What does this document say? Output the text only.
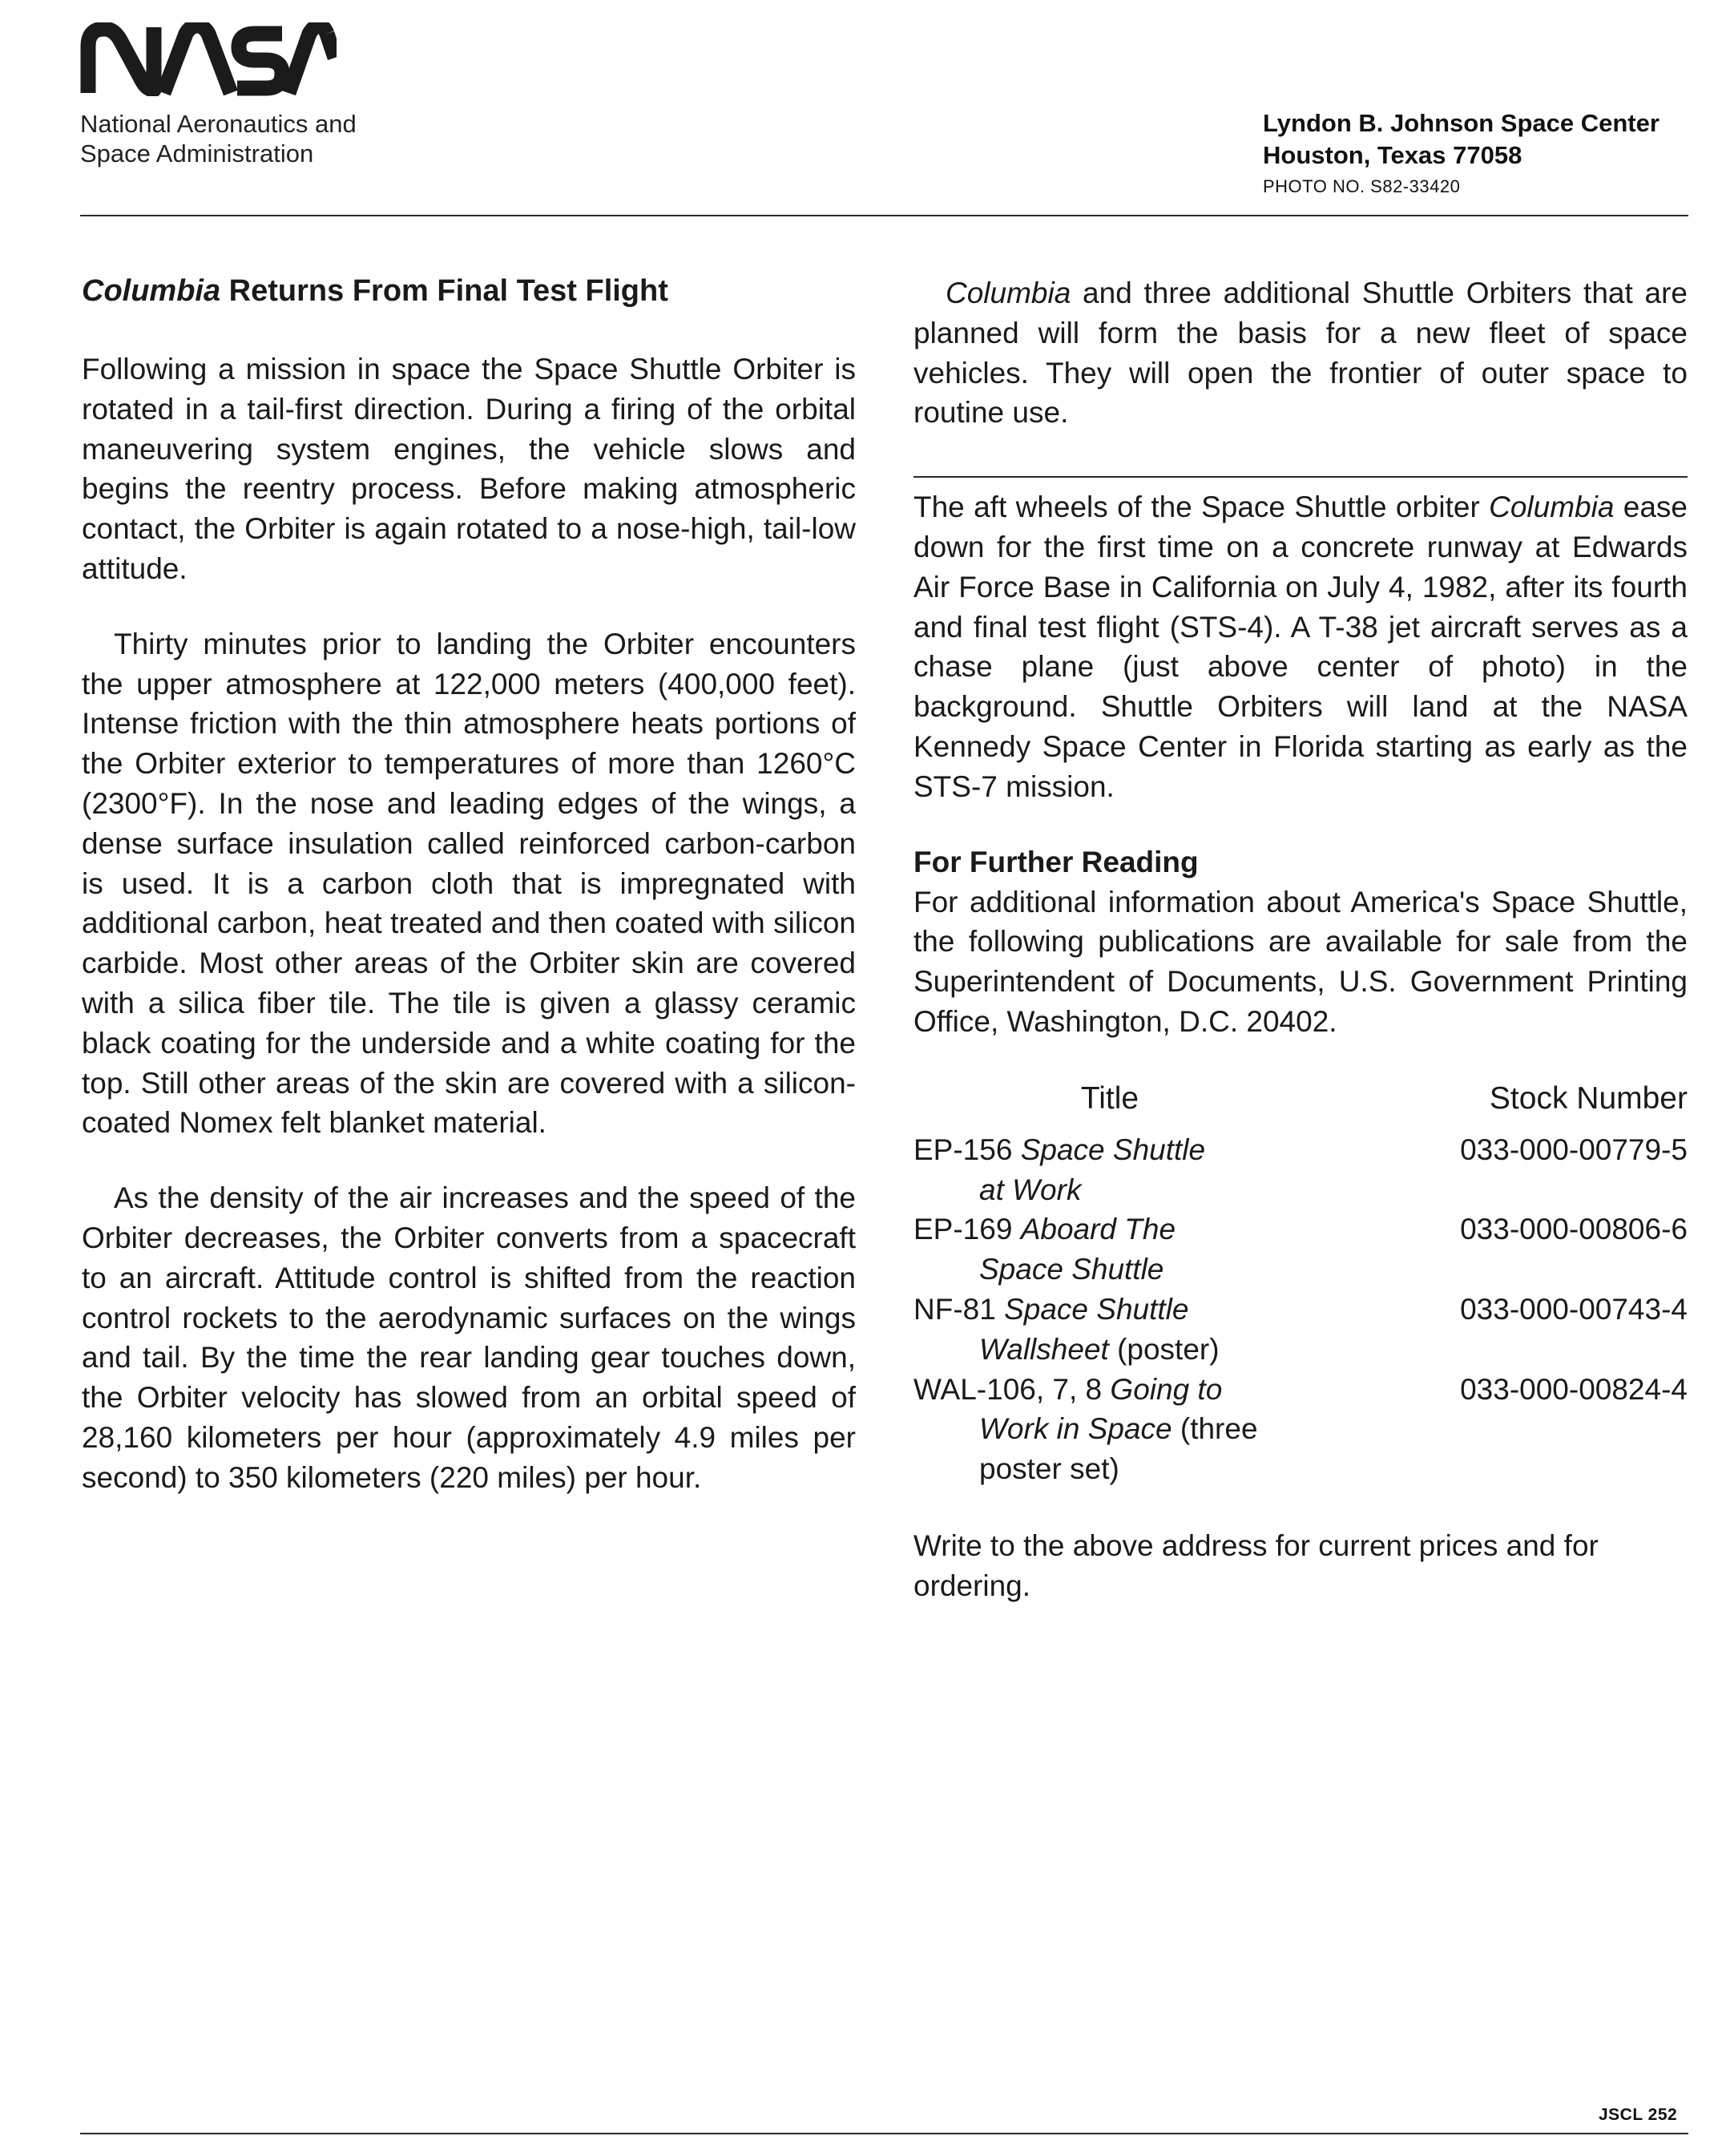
National Aeronautics and
Space Administration
Lyndon B. Johnson Space Center
Houston, Texas 77058
PHOTO NO. S82-33420
Columbia Returns From Final Test Flight

Following a mission in space the Space Shuttle Orbiter is rotated in a tail-first direction. During a firing of the orbital maneuvering system engines, the vehicle slows and begins the reentry process. Before making atmospheric contact, the Orbiter is again rotated to a nose-high, tail-low attitude.

Thirty minutes prior to landing the Orbiter encounters the upper atmosphere at 122,000 meters (400,000 feet). Intense friction with the thin atmosphere heats portions of the Orbiter exterior to temperatures of more than 1260°C (2300°F). In the nose and leading edges of the wings, a dense surface insulation called reinforced carbon-carbon is used. It is a carbon cloth that is impregnated with additional carbon, heat treated and then coated with silicon carbide. Most other areas of the Orbiter skin are covered with a silica fiber tile. The tile is given a glassy ceramic black coating for the underside and a white coating for the top. Still other areas of the skin are covered with a silicon-coated Nomex felt blanket material.

As the density of the air increases and the speed of the Orbiter decreases, the Orbiter converts from a spacecraft to an aircraft. Attitude control is shifted from the reaction control rockets to the aerodynamic surfaces on the wings and tail. By the time the rear landing gear touches down, the Orbiter velocity has slowed from an orbital speed of 28,160 kilometers per hour (approximately 4.9 miles per second) to 350 kilometers (220 miles) per hour.

Columbia and three additional Shuttle Orbiters that are planned will form the basis for a new fleet of space vehicles. They will open the frontier of outer space to routine use.

The aft wheels of the Space Shuttle orbiter Columbia ease down for the first time on a concrete runway at Edwards Air Force Base in California on July 4, 1982, after its fourth and final test flight (STS-4). A T-38 jet aircraft serves as a chase plane (just above center of photo) in the background. Shuttle Orbiters will land at the NASA Kennedy Space Center in Florida starting as early as the STS-7 mission.

For Further Reading

For additional information about America's Space Shuttle, the following publications are available for sale from the Superintendent of Documents, U.S. Government Printing Office, Washington, D.C. 20402.

Title	Stock Number
EP-156 Space Shuttle
at Work
033-000-00779-5
EP-169 Aboard The
Space Shuttle
033-000-00806-6
NF-81 Space Shuttle
Wallsheet (poster)
033-000-00743-4
WAL-106, 7, 8 Going to
Work in Space (three
poster set)
033-000-00824-4

Write to the above address for current prices and for ordering.

JSCL 252
